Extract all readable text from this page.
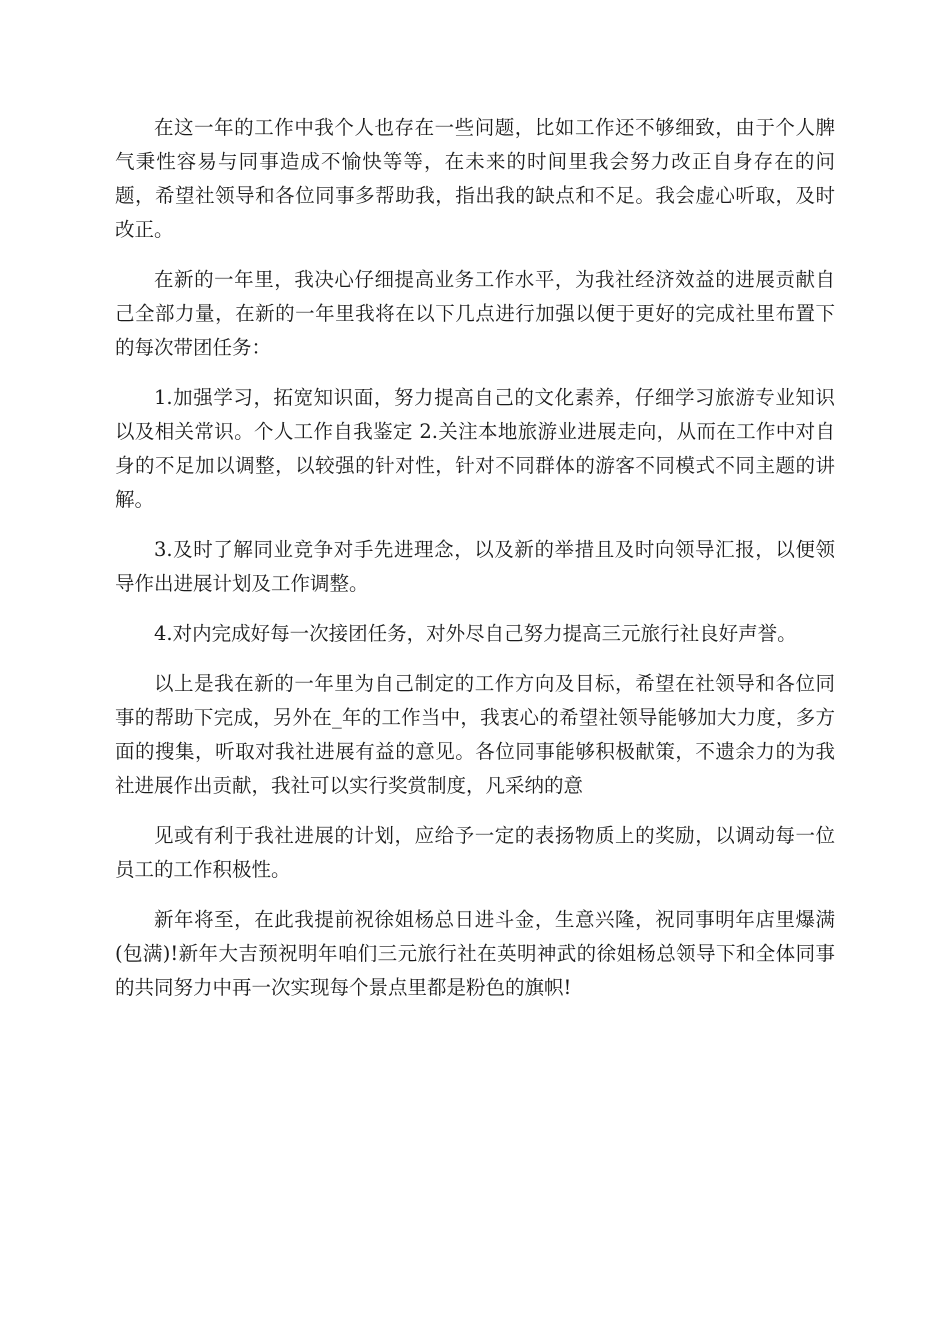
在这一年的工作中我个人也存在一些问题，比如工作还不够细致，由于个人脾气秉性容易与同事造成不愉快等等，在未来的时间里我会努力改正自身存在的问题，希望社领导和各位同事多帮助我，指出我的缺点和不足。我会虚心听取，及时改正。

在新的一年里，我决心仔细提高业务工作水平，为我社经济效益的进展贡献自己全部力量，在新的一年里我将在以下几点进行加强以便于更好的完成社里布置下的每次带团任务：

1.加强学习，拓宽知识面，努力提高自己的文化素养，仔细学习旅游专业知识以及相关常识。个人工作自我鉴定 2.关注本地旅游业进展走向，从而在工作中对自身的不足加以调整，以较强的针对性，针对不同群体的游客不同模式不同主题的讲解。

3.及时了解同业竞争对手先进理念，以及新的举措且及时向领导汇报，以便领导作出进展计划及工作调整。

4.对内完成好每一次接团任务，对外尽自己努力提高三元旅行社良好声誉。

以上是我在新的一年里为自己制定的工作方向及目标，希望在社领导和各位同事的帮助下完成，另外在_年的工作当中，我衷心的希望社领导能够加大力度，多方面的搜集，听取对我社进展有益的意见。各位同事能够积极献策，不遗余力的为我社进展作出贡献，我社可以实行奖赏制度，凡采纳的意

见或有利于我社进展的计划，应给予一定的表扬物质上的奖励，以调动每一位员工的工作积极性。

新年将至，在此我提前祝徐姐杨总日进斗金，生意兴隆，祝同事明年店里爆满(包满)!新年大吉预祝明年咱们三元旅行社在英明神武的徐姐杨总领导下和全体同事的共同努力中再一次实现每个景点里都是粉色的旗帜!
